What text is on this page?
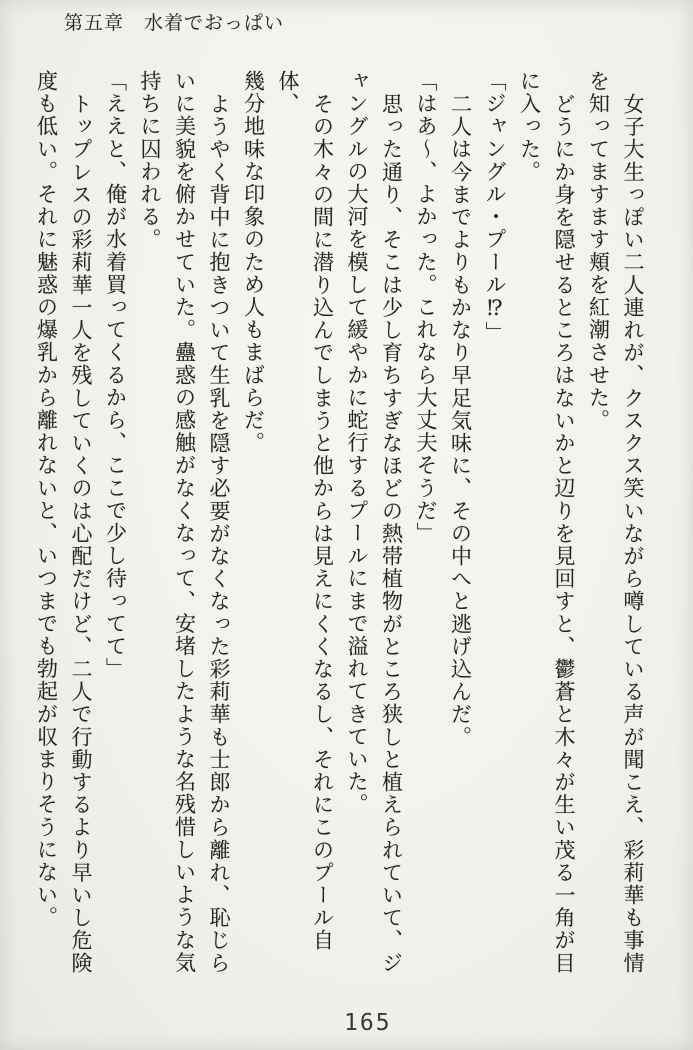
第五章　水着でおっぱい

女子大生っぽい二人連れが、クスクス笑いながら噂している声が聞こえ、彩莉華も事情

を知ってますます頬を紅潮させた。

どうにか身を隠せるところはないかと辺りを見回すと、鬱蒼と木々が生い茂る一角が目

に入った。

「ジャングル・プール⁉」

二人は今までよりもかなり早足気味に、その中へと逃げ込んだ。

「はあ〜、よかった。これなら大丈夫そうだ」

思った通り、そこは少し育ちすぎなほどの熱帯植物がところ狭しと植えられていて、ジ

ャングルの大河を模して緩やかに蛇行するプールにまで溢れてきていた。

その木々の間に潜り込んでしまうと他からは見えにくくなるし、それにこのプール自体、

幾分地味な印象のため人もまばらだ。

ようやく背中に抱きついて生乳を隠す必要がなくなった彩莉華も士郎から離れ、恥じら

いに美貌を俯かせていた。蠱惑の感触がなくなって、安堵したような名残惜しいような気

持ちに囚われる。

「ええと、俺が水着買ってくるから、ここで少し待ってて」

トップレスの彩莉華一人を残していくのは心配だけど、二人で行動するより早いし危険

度も低い。それに魅惑の爆乳から離れないと、いつまでも勃起が収まりそうにない。

165
